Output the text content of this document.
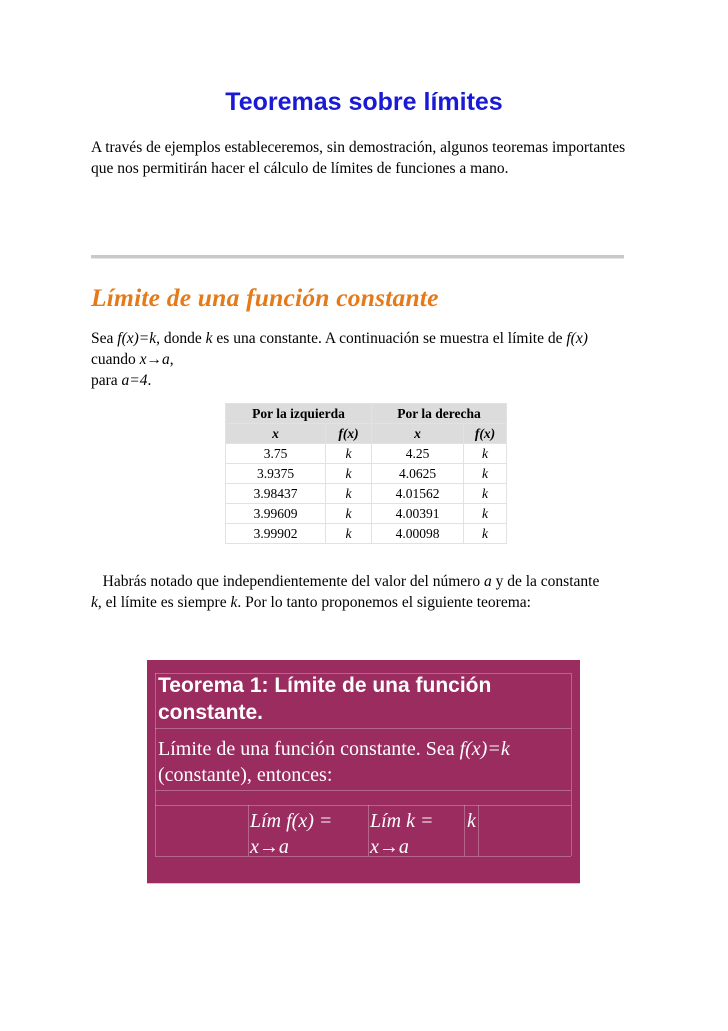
Teoremas sobre límites
A través de ejemplos estableceremos, sin demostración, algunos teoremas importantes que nos permitirán hacer el cálculo de límites de funciones a mano.
Límite de una función constante
Sea f(x)=k, donde k es una constante. A continuación se muestra el límite de f(x) cuando x→a,
para a=4.
Por la izquierda		Por la derecha	
x	f(x)	x	f(x)
3.75	k	4.25	k
3.9375	k	4.0625	k
3.98437	k	4.01562	k
3.99609	k	4.00391	k
3.99902	k	4.00098	k
Habrás notado que independientemente del valor del número a y de la constante k, el límite es siempre k. Por lo tanto proponemos el siguiente teorema:
Teorema 1: Límite de una función constante.
Límite de una función constante. Sea f(x)=k (constante), entonces:
Lím f(x) =
x→a
Lím k =
x→a
k
